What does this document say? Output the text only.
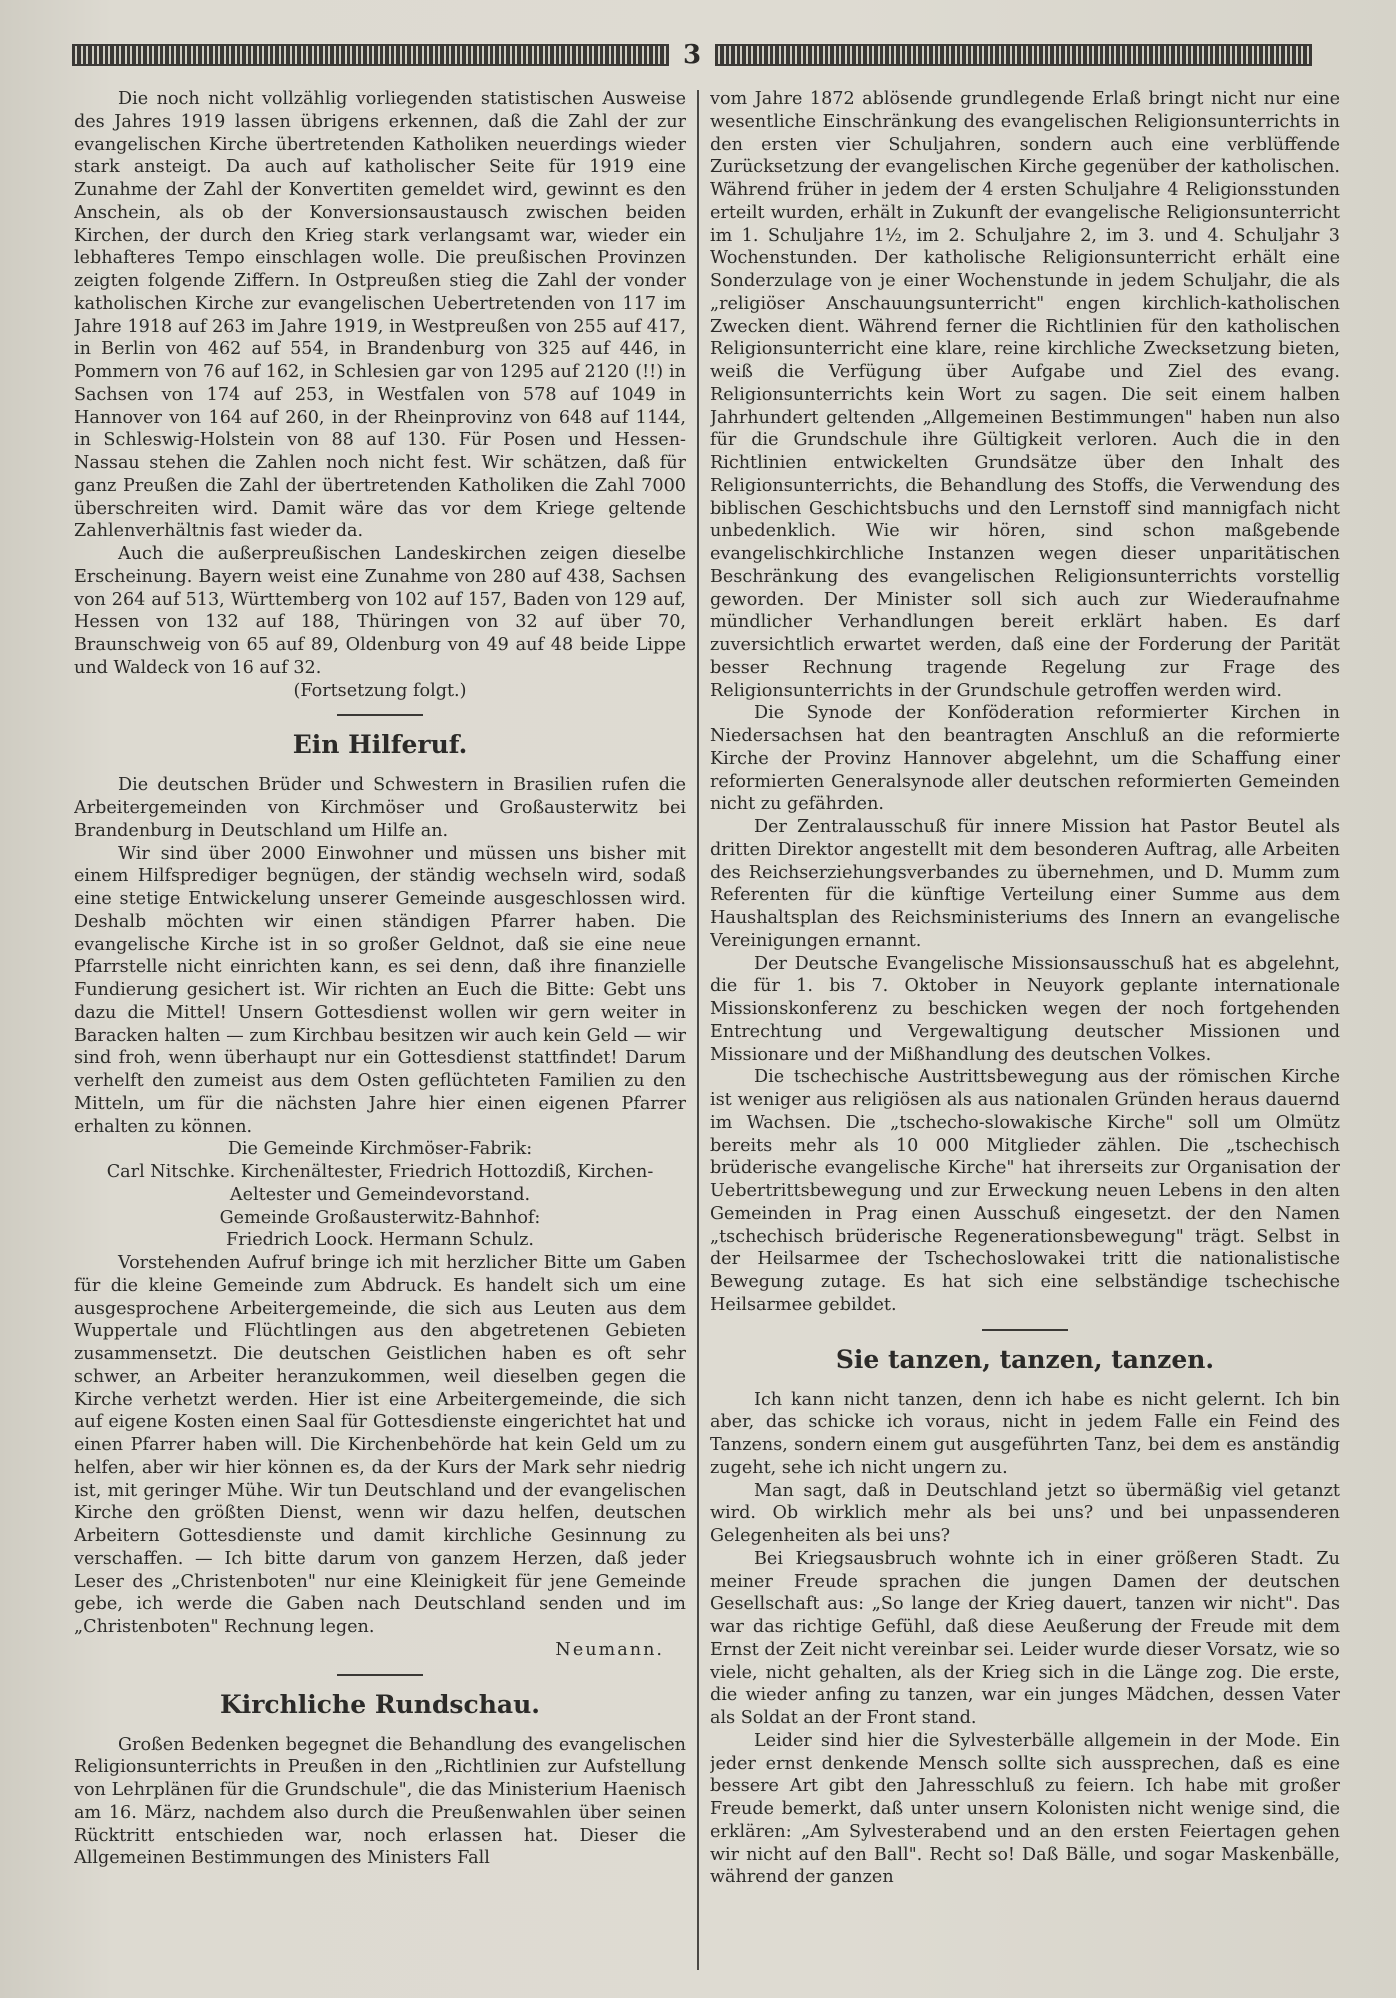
3

Die noch nicht vollzählig vorliegenden statistischen Ausweise des Jahres 1919 lassen übrigens erkennen, daß die Zahl der zur evangelischen Kirche übertretenden Katholiken neuerdings wieder stark ansteigt. Da auch auf katholischer Seite für 1919 eine Zunahme der Zahl der Konvertiten gemeldet wird, gewinnt es den Anschein, als ob der Konversionsaustausch zwischen beiden Kirchen, der durch den Krieg stark verlangsamt war, wieder ein lebhafteres Tempo einschlagen wolle. Die preußischen Provinzen zeigten folgende Ziffern. In Ostpreußen stieg die Zahl der vonder katholischen Kirche zur evangelischen Uebertretenden von 117 im Jahre 1918 auf 263 im Jahre 1919, in Westpreußen von 255 auf 417, in Berlin von 462 auf 554, in Brandenburg von 325 auf 446, in Pommern von 76 auf 162, in Schlesien gar von 1295 auf 2120 (!!) in Sachsen von 174 auf 253, in Westfalen von 578 auf 1049 in Hannover von 164 auf 260, in der Rheinprovinz von 648 auf 1144, in Schleswig-Holstein von 88 auf 130. Für Posen und Hessen-Nassau stehen die Zahlen noch nicht fest. Wir schätzen, daß für ganz Preußen die Zahl der übertretenden Katholiken die Zahl 7000 überschreiten wird. Damit wäre das vor dem Kriege geltende Zahlenverhältnis fast wieder da.

Auch die außerpreußischen Landeskirchen zeigen dieselbe Erscheinung. Bayern weist eine Zunahme von 280 auf 438, Sachsen von 264 auf 513, Württemberg von 102 auf 157, Baden von 129 auf, Hessen von 132 auf 188, Thüringen von 32 auf über 70, Braunschweig von 65 auf 89, Oldenburg von 49 auf 48 beide Lippe und Waldeck von 16 auf 32.

(Fortsetzung folgt.)

Ein Hilferuf.

Die deutschen Brüder und Schwestern in Brasilien rufen die Arbeitergemeinden von Kirchmöser und Großausterwitz bei Brandenburg in Deutschland um Hilfe an.

Wir sind über 2000 Einwohner und müssen uns bisher mit einem Hilfsprediger begnügen, der ständig wechseln wird, sodaß eine stetige Entwickelung unserer Gemeinde ausgeschlossen wird. Deshalb möchten wir einen ständigen Pfarrer haben. Die evangelische Kirche ist in so großer Geldnot, daß sie eine neue Pfarrstelle nicht einrichten kann, es sei denn, daß ihre finanzielle Fundierung gesichert ist. Wir richten an Euch die Bitte: Gebt uns dazu die Mittel! Unsern Gottesdienst wollen wir gern weiter in Baracken halten — zum Kirchbau besitzen wir auch kein Geld — wir sind froh, wenn überhaupt nur ein Gottesdienst stattfindet! Darum verhelft den zumeist aus dem Osten geflüchteten Familien zu den Mitteln, um für die nächsten Jahre hier einen eigenen Pfarrer erhalten zu können.

Die Gemeinde Kirchmöser-Fabrik:

Carl Nitschke. Kirchenältester, Friedrich Hottozdiß, Kirchen-

Aeltester und Gemeindevorstand.

Gemeinde Großausterwitz-Bahnhof:

Friedrich Loock. Hermann Schulz.

Vorstehenden Aufruf bringe ich mit herzlicher Bitte um Gaben für die kleine Gemeinde zum Abdruck. Es handelt sich um eine ausgesprochene Arbeitergemeinde, die sich aus Leuten aus dem Wuppertale und Flüchtlingen aus den abgetretenen Gebieten zusammensetzt. Die deutschen Geistlichen haben es oft sehr schwer, an Arbeiter heranzukommen, weil dieselben gegen die Kirche verhetzt werden. Hier ist eine Arbeitergemeinde, die sich auf eigene Kosten einen Saal für Gottesdienste eingerichtet hat und einen Pfarrer haben will. Die Kirchenbehörde hat kein Geld um zu helfen, aber wir hier können es, da der Kurs der Mark sehr niedrig ist, mit geringer Mühe. Wir tun Deutschland und der evangelischen Kirche den größten Dienst, wenn wir dazu helfen, deutschen Arbeitern Gottesdienste und damit kirchliche Gesinnung zu verschaffen. — Ich bitte darum von ganzem Herzen, daß jeder Leser des „Christenboten" nur eine Kleinigkeit für jene Gemeinde gebe, ich werde die Gaben nach Deutschland senden und im „Christenboten" Rechnung legen.

Neumann.

Kirchliche Rundschau.

Großen Bedenken begegnet die Behandlung des evangelischen Religionsunterrichts in Preußen in den „Richtlinien zur Aufstellung von Lehrplänen für die Grundschule", die das Ministerium Haenisch am 16. März, nachdem also durch die Preußenwahlen über seinen Rücktritt entschieden war, noch erlassen hat. Dieser die Allgemeinen Bestimmungen des Ministers Fall

vom Jahre 1872 ablösende grundlegende Erlaß bringt nicht nur eine wesentliche Einschränkung des evangelischen Religionsunterrichts in den ersten vier Schuljahren, sondern auch eine verblüffende Zurücksetzung der evangelischen Kirche gegenüber der katholischen. Während früher in jedem der 4 ersten Schuljahre 4 Religionsstunden erteilt wurden, erhält in Zukunft der evangelische Religionsunterricht im 1. Schuljahre 1½, im 2. Schuljahre 2, im 3. und 4. Schuljahr 3 Wochenstunden. Der katholische Religionsunterricht erhält eine Sonderzulage von je einer Wochenstunde in jedem Schuljahr, die als „religiöser Anschauungsunterricht" engen kirchlich-katholischen Zwecken dient. Während ferner die Richtlinien für den katholischen Religionsunterricht eine klare, reine kirchliche Zwecksetzung bieten, weiß die Verfügung über Aufgabe und Ziel des evang. Religionsunterrichts kein Wort zu sagen. Die seit einem halben Jahrhundert geltenden „Allgemeinen Bestimmungen" haben nun also für die Grundschule ihre Gültigkeit verloren. Auch die in den Richtlinien entwickelten Grundsätze über den Inhalt des Religionsunterrichts, die Behandlung des Stoffs, die Verwendung des biblischen Geschichtsbuchs und den Lernstoff sind mannigfach nicht unbedenklich. Wie wir hören, sind schon maßgebende evangelischkirchliche Instanzen wegen dieser unparitätischen Beschränkung des evangelischen Religionsunterrichts vorstellig geworden. Der Minister soll sich auch zur Wiederaufnahme mündlicher Verhandlungen bereit erklärt haben. Es darf zuversichtlich erwartet werden, daß eine der Forderung der Parität besser Rechnung tragende Regelung zur Frage des Religionsunterrichts in der Grundschule getroffen werden wird.

Die Synode der Konföderation reformierter Kirchen in Niedersachsen hat den beantragten Anschluß an die reformierte Kirche der Provinz Hannover abgelehnt, um die Schaffung einer reformierten Generalsynode aller deutschen reformierten Gemeinden nicht zu gefährden.

Der Zentralausschuß für innere Mission hat Pastor Beutel als dritten Direktor angestellt mit dem besonderen Auftrag, alle Arbeiten des Reichserziehungsverbandes zu übernehmen, und D. Mumm zum Referenten für die künftige Verteilung einer Summe aus dem Haushaltsplan des Reichsministeriums des Innern an evangelische Vereinigungen ernannt.

Der Deutsche Evangelische Missionsausschuß hat es abgelehnt, die für 1. bis 7. Oktober in Neuyork geplante internationale Missionskonferenz zu beschicken wegen der noch fortgehenden Entrechtung und Vergewaltigung deutscher Missionen und Missionare und der Mißhandlung des deutschen Volkes.

Die tschechische Austrittsbewegung aus der römischen Kirche ist weniger aus religiösen als aus nationalen Gründen heraus dauernd im Wachsen. Die „tschecho-slowakische Kirche" soll um Olmütz bereits mehr als 10 000 Mitglieder zählen. Die „tschechisch brüderische evangelische Kirche" hat ihrerseits zur Organisation der Uebertrittsbewegung und zur Erweckung neuen Lebens in den alten Gemeinden in Prag einen Ausschuß eingesetzt. der den Namen „tschechisch brüderische Regenerationsbewegung" trägt. Selbst in der Heilsarmee der Tschechoslowakei tritt die nationalistische Bewegung zutage. Es hat sich eine selbständige tschechische Heilsarmee gebildet.

Sie tanzen, tanzen, tanzen.

Ich kann nicht tanzen, denn ich habe es nicht gelernt. Ich bin aber, das schicke ich voraus, nicht in jedem Falle ein Feind des Tanzens, sondern einem gut ausgeführten Tanz, bei dem es anständig zugeht, sehe ich nicht ungern zu.

Man sagt, daß in Deutschland jetzt so übermäßig viel getanzt wird. Ob wirklich mehr als bei uns? und bei unpassenderen Gelegenheiten als bei uns?

Bei Kriegsausbruch wohnte ich in einer größeren Stadt. Zu meiner Freude sprachen die jungen Damen der deutschen Gesellschaft aus: „So lange der Krieg dauert, tanzen wir nicht". Das war das richtige Gefühl, daß diese Aeußerung der Freude mit dem Ernst der Zeit nicht vereinbar sei. Leider wurde dieser Vorsatz, wie so viele, nicht gehalten, als der Krieg sich in die Länge zog. Die erste, die wieder anfing zu tanzen, war ein junges Mädchen, dessen Vater als Soldat an der Front stand.

Leider sind hier die Sylvesterbälle allgemein in der Mode. Ein jeder ernst denkende Mensch sollte sich aussprechen, daß es eine bessere Art gibt den Jahresschluß zu feiern. Ich habe mit großer Freude bemerkt, daß unter unsern Kolonisten nicht wenige sind, die erklären: „Am Sylvesterabend und an den ersten Feiertagen gehen wir nicht auf den Ball". Recht so! Daß Bälle, und sogar Maskenbälle, während der ganzen
